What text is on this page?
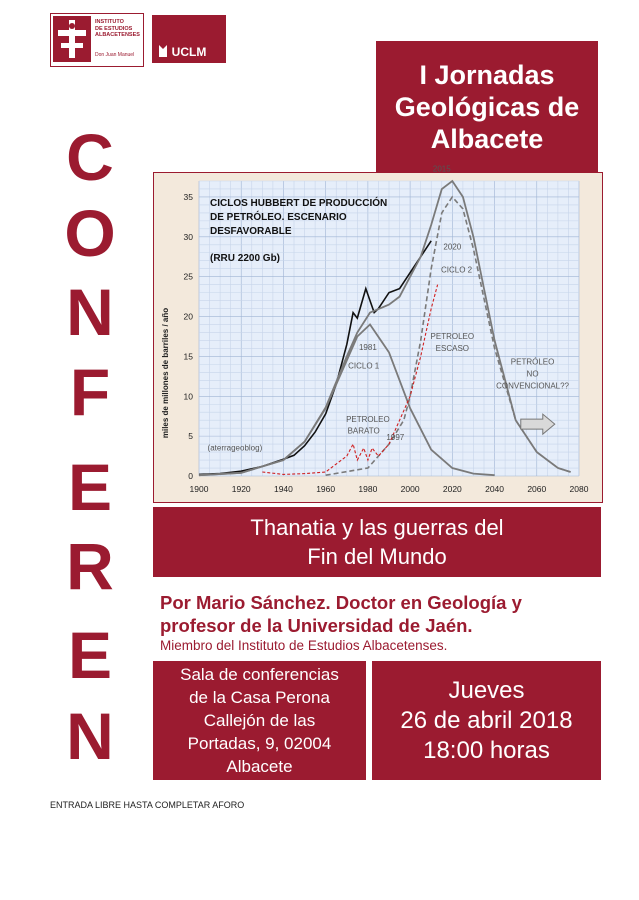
INSTITUTO
DE ESTUDIOS
ALBACETENSES
Don Juan Manuel	UCLM
I Jornadas
Geológicas de
Albacete
C
O
N
F
E
R
E
N
2015
2020
CICLO 2
1981
CICLO 1
PETROLEO
ESCASO
PETROLEO
BARATO
1997
(aterrageoblog)
PETRÓLEO
NO
CONVENCIONAL??
1900	1920	1940	1960	1980	2000	2020	2040	2060	2080
0
5
10
15
20
25
30
35
miles de millones de barriles / año
CICLOS HUBBERT DE PRODUCCIÓN DE PETRÓLEO. ESCENARIO DESFAVORABLE
(RRU 2200 Gb)
Thanatia y las guerras del
Fin del Mundo
Por Mario Sánchez. Doctor en Geología y
profesor de la Universidad de Jaén.
Miembro del Instituto de Estudios Albacetenses.
Sala de conferencias
de la Casa Perona
Callejón de las
Portadas, 9, 02004
Albacete
Jueves
26 de abril 2018
18:00 horas
ENTRADA LIBRE HASTA COMPLETAR AFORO
